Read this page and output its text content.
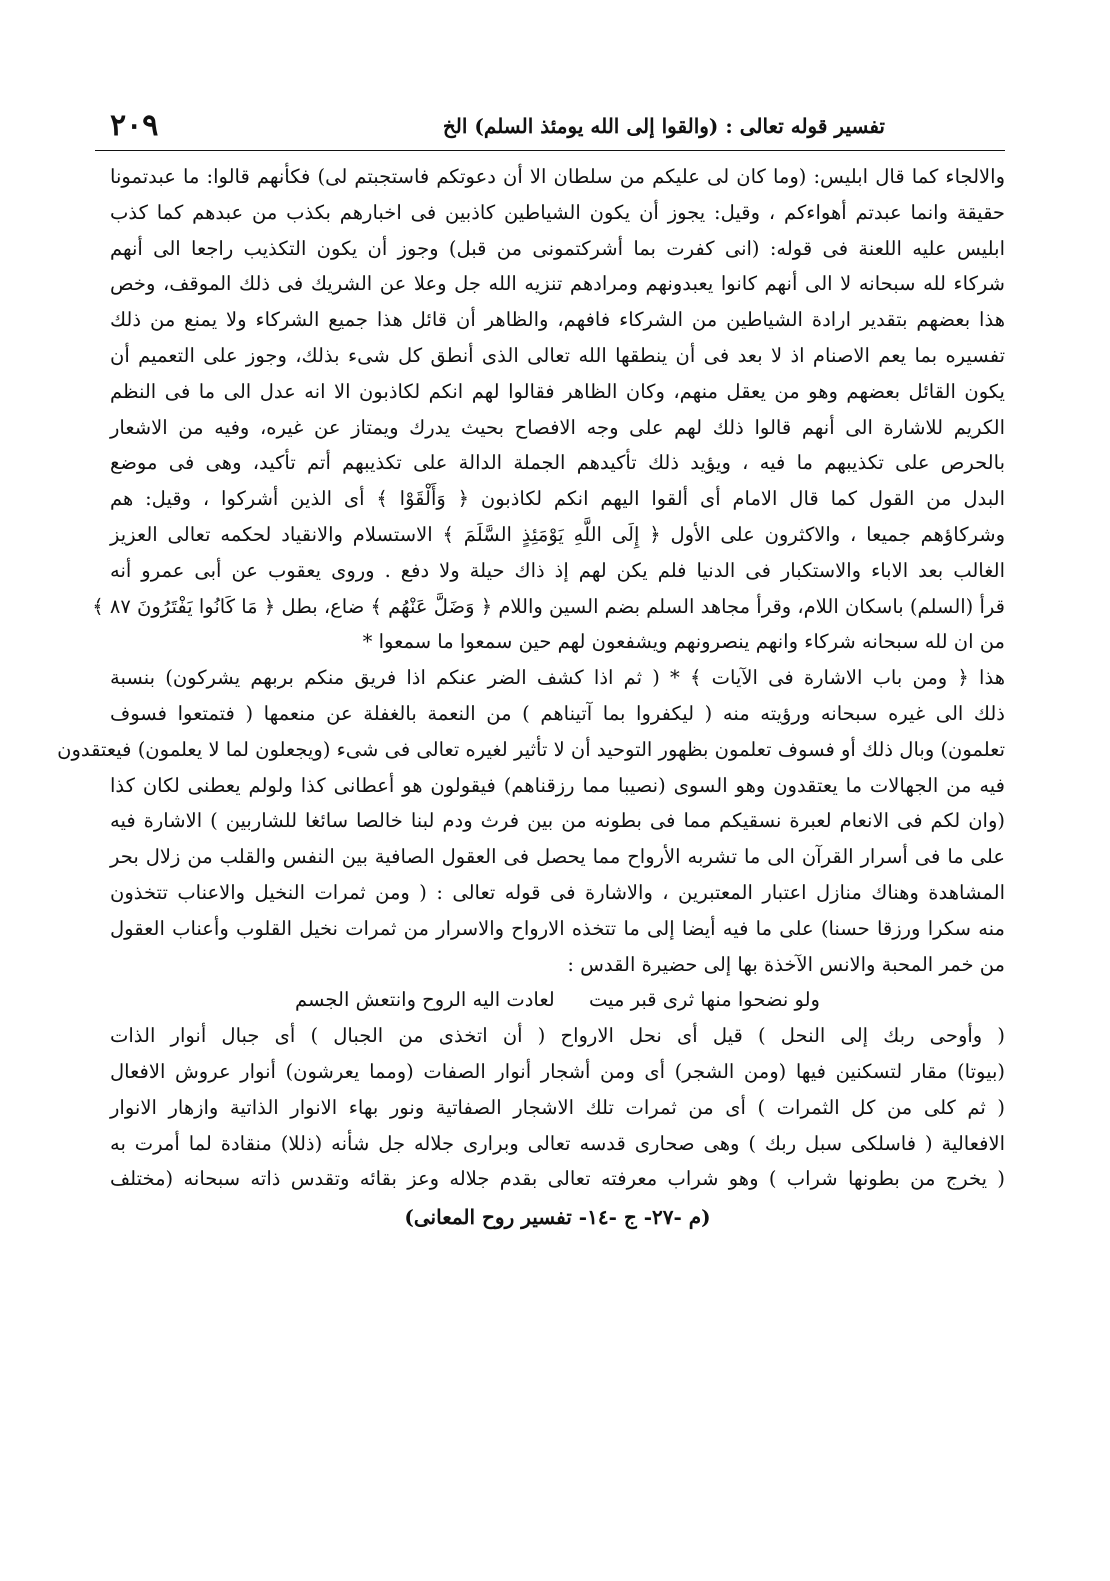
٢٠٩	تفسير قوله تعالى : (والقوا إلى الله يومئذ السلم) الخ
والالجاء كما قال ابليس: (وما كان لى عليكم من سلطان الا أن دعوتكم فاستجبتم لى) فكأنهم قالوا: ما عبدتمونا
حقيقة وانما عبدتم أهواءكم ، وقيل: يجوز أن يكون الشياطين كاذبين فى اخبارهم بكذب من عبدهم كما كذب
ابليس عليه اللعنة فى قوله: (انى كفرت بما أشركتمونى من قبل) وجوز أن يكون التكذيب راجعا الى أنهم
شركاء لله سبحانه لا الى أنهم كانوا يعبدونهم ومرادهم تنزيه الله جل وعلا عن الشريك فى ذلك الموقف، وخص
هذا بعضهم بتقدير ارادة الشياطين من الشركاء فافهم، والظاهر أن قائل هذا جميع الشركاء ولا يمنع من ذلك
تفسيره بما يعم الاصنام اذ لا بعد فى أن ينطقها الله تعالى الذى أنطق كل شىء بذلك، وجوز على التعميم أن
يكون القائل بعضهم وهو من يعقل منهم، وكان الظاهر فقالوا لهم انكم لكاذبون الا انه عدل الى ما فى النظم
الكريم للاشارة الى أنهم قالوا ذلك لهم على وجه الافصاح بحيث يدرك ويمتاز عن غيره، وفيه من الاشعار
بالحرص على تكذيبهم ما فيه ، ويؤيد ذلك تأكيدهم الجملة الدالة على تكذيبهم أتم تأكيد، وهى فى موضع
البدل من القول كما قال الامام أى ألقوا اليهم انكم لكاذبون ﴿ وَأَلْقَوْا ﴾ أى الذين أشركوا ، وقيل: هم
وشركاؤهم جميعا ، والاكثرون على الأول ﴿ إِلَى اللَّهِ يَوْمَئِذٍ السَّلَمَ ﴾ الاستسلام والانقياد لحكمه تعالى العزيز
الغالب بعد الاباء والاستكبار فى الدنيا فلم يكن لهم إذ ذاك حيلة ولا دفع . وروى يعقوب عن أبى عمرو أنه
قرأ (السلم) باسكان اللام، وقرأ مجاهد السلم بضم السين واللام ﴿ وَضَلَّ عَنْهُم ﴾ ضاع، بطل ﴿ مَا كَانُوا يَفْتَرُونَ ٨٧ ﴾
من ان لله سبحانه شركاء وانهم ينصرونهم ويشفعون لهم حين سمعوا ما سمعوا *
هذا ﴿ ومن باب الاشارة فى الآيات ﴾ * ( ثم اذا كشف الضر عنكم اذا فريق منكم بربهم يشركون) بنسبة
ذلك الى غيره سبحانه ورؤيته منه ( ليكفروا بما آتيناهم ) من النعمة بالغفلة عن منعمها ( فتمتعوا فسوف
تعلمون) وبال ذلك أو فسوف تعلمون بظهور التوحيد أن لا تأثير لغيره تعالى فى شىء (ويجعلون لما لا يعلمون) فيعتقدون
فيه من الجهالات ما يعتقدون وهو السوى (نصيبا مما رزقناهم) فيقولون هو أعطانى كذا ولولم يعطنى لكان كذا
(وان لكم فى الانعام لعبرة نسقيكم مما فى بطونه من بين فرث ودم لبنا خالصا سائغا للشاربين ) الاشارة فيه
على ما فى أسرار القرآن الى ما تشربه الأرواح مما يحصل فى العقول الصافية بين النفس والقلب من زلال بحر
المشاهدة وهناك منازل اعتبار المعتبرين ، والاشارة فى قوله تعالى : ( ومن ثمرات النخيل والاعناب تتخذون
منه سكرا ورزقا حسنا) على ما فيه أيضا إلى ما تتخذه الارواح والاسرار من ثمرات نخيل القلوب وأعناب العقول
من خمر المحبة والانس الآخذة بها إلى حضيرة القدس :
ولو نضحوا منها ثرى قبر ميت لعادت اليه الروح وانتعش الجسم
( وأوحى ربك إلى النحل ) قيل أى نحل الارواح ( أن اتخذى من الجبال ) أى جبال أنوار الذات
(بيوتا) مقار لتسكنين فيها (ومن الشجر) أى ومن أشجار أنوار الصفات (ومما يعرشون) أنوار عروش الافعال
( ثم كلى من كل الثمرات ) أى من ثمرات تلك الاشجار الصفاتية ونور بهاء الانوار الذاتية وازهار الانوار
الافعالية ( فاسلكى سبل ربك ) وهى صحارى قدسه تعالى وبرارى جلاله جل شأنه (ذللا) منقادة لما أمرت به
( يخرج من بطونها شراب ) وهو شراب معرفته تعالى بقدم جلاله وعز بقائه وتقدس ذاته سبحانه (مختلف
(م -٢٧- ج -١٤- تفسير روح المعانى)
